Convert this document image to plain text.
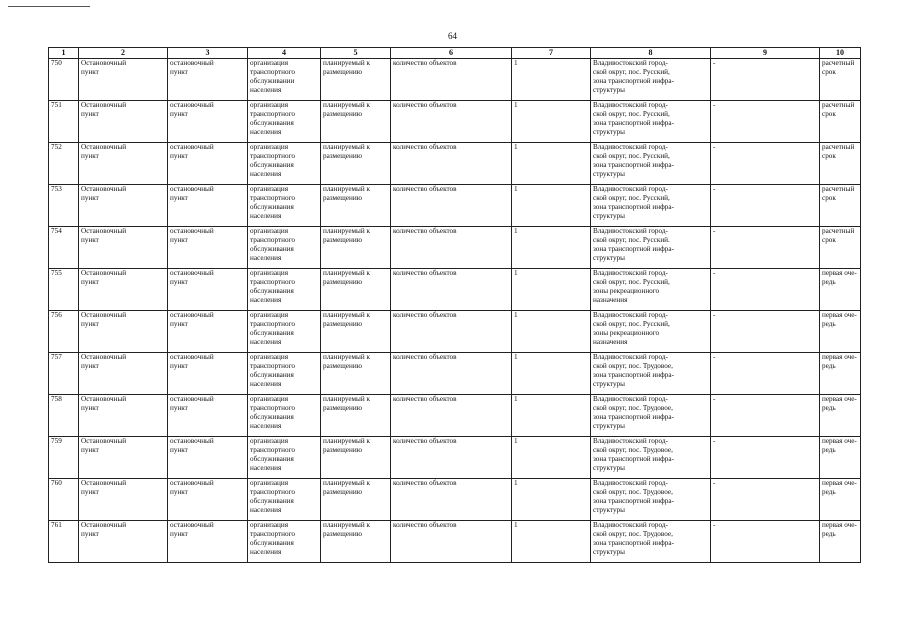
64
1	2	3	4	5	6	7	8	9	10
750	Остановочный
пункт	остановочный
пункт	организация
транспортного
обслуживании
населения	планируемый к
размещению	количество объектов	1	Владивостокский город-
ской округ, пос. Русский,
зона транспортной инфра-
структуры	-	расчетный
срок
751	Остановочный
пункт	остановочный
пункт	организация
транспортного
обслуживания
населения	планируемый к
размещению	количество объектов	1	Владивостокский город-
ской округ, пос. Русский,
зона транспортной инфра-
структуры	-	расчетный
срок
752	Остановочный
пункт	остановочный
пункт	организация
транспортного
обслуживания
населения	планируемый к
размещению	количество объектов	1	Владивостокский город-
ской округ, пос. Русский,
зона транспортной инфра-
структуры	-	расчетный
срок
753	Остановочный
пункт	остановочный
пункт	организация
транспортного
обслуживания
населения	планируемый к
размещению	количество объектов	1	Владивостокский город-
ской округ, пос. Русский,
зона транспортной инфра-
структуры	-	расчетный
срок
754	Остановочный
пункт	остановочный
пункт	организация
транспортного
обслуживания
населения	планируемый к
размещению	количество объектов	1	Владивостокский город-
ской округ, пос. Русский.
зона транспортной инфра-
структуры	-	расчетный
срок
755	Остановочный
пункт	остановочный
пункт	организация
транспортного
обслуживания
населения	планируемый к
размещению	количество объектов	1	Владивостокский город-
ской округ, пос. Русский,
зоны рекреационного
назначения	-	первая оче-
редь
756	Остановочный
пункт	остановочный
пункт	организация
транспортного
обслуживания
населения	планируемый к
размещению	количество объектов	1	Владивостокский город-
ской округ, пос. Русский,
зоны рекреационного
назначения	-	первая оче-
редь
757	Остановочный
пункт	остановочный
пункт	организация
транспортного
обслуживания
населения	планируемый к
размещению	количество объектов	1	Владивостокский город-
ской округ, пос. Трудовое,
зона транспортной инфра-
структуры	-	первая оче-
редь
758	Остановочный
пункт	остановочный
пункт	организация
транспортного
обслуживания
населения	планируемый к
размещению	количество объектов	1	Владивостокский город-
ской округ, пос. Трудовое,
зона транспортной инфра-
структуры	-	первая оче-
редь
759	Остановочный
пункт	остановочный
пункт	организация
транспортного
обслуживания
населения	планируемый к
размещению	количество объектов	1	Владивостокский город-
ской округ, пос. Трудовое,
зона транспортной инфра-
структуры	-	первая оче-
редь
760	Остановочный
пункт	остановочный
пункт	организация
транспортного
обслуживания
населения	планируемый к
размещению	количество объектов	1	Владивостокский город-
ской округ, пос. Трудовое,
зона транспортной инфра-
структуры	-	первая оче-
редь
761	Остановочный
пункт	остановочный
пункт	организация
транспортного
обслуживания
населения	планируемый к
размещению	количество объектов	1	Владивостокский город-
ской округ, пос. Трудовое,
зона транспортной инфра-
структуры	-	первая оче-
редь
